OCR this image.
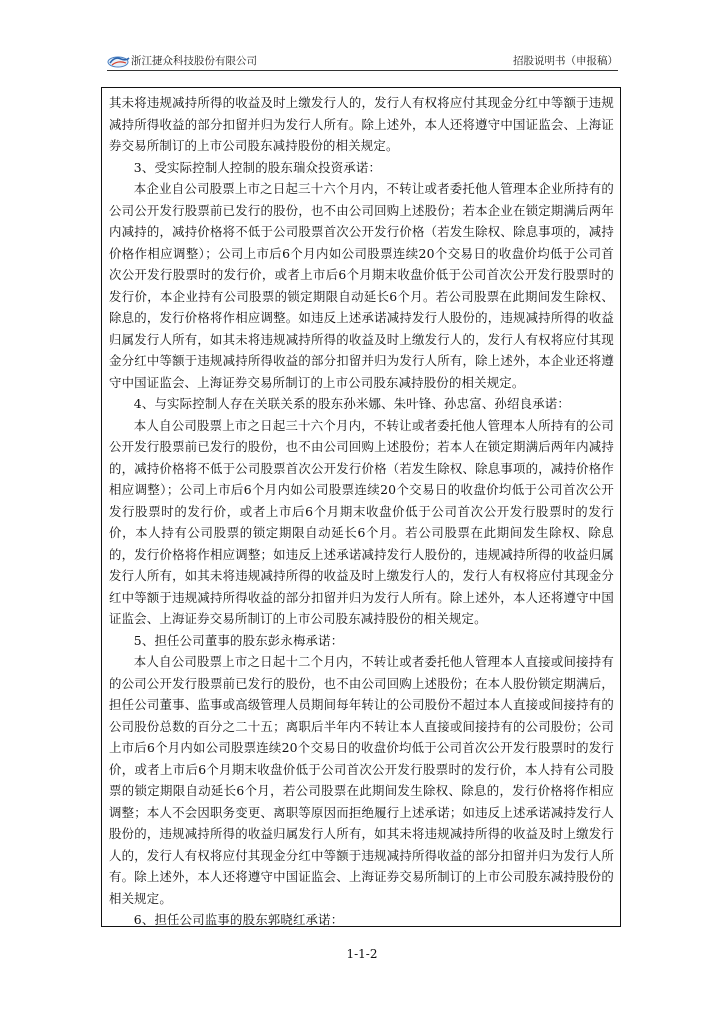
浙江捷众科技股份有限公司	招股说明书（申报稿）

其未将违规减持所得的收益及时上缴发行人的，发行人有权将应付其现金分红中等额于违规减持所得收益的部分扣留并归为发行人所有。除上述外，本人还将遵守中国证监会、上海证券交易所制订的上市公司股东减持股份的相关规定。

3、受实际控制人控制的股东瑞众投资承诺：

本企业自公司股票上市之日起三十六个月内，不转让或者委托他人管理本企业所持有的公司公开发行股票前已发行的股份，也不由公司回购上述股份；若本企业在锁定期满后两年内减持的，减持价格将不低于公司股票首次公开发行价格（若发生除权、除息事项的，减持价格作相应调整）；公司上市后6个月内如公司股票连续20个交易日的收盘价均低于公司首次公开发行股票时的发行价，或者上市后6个月期末收盘价低于公司首次公开发行股票时的发行价，本企业持有公司股票的锁定期限自动延长6个月。若公司股票在此期间发生除权、除息的，发行价格将作相应调整。如违反上述承诺减持发行人股份的，违规减持所得的收益归属发行人所有，如其未将违规减持所得的收益及时上缴发行人的，发行人有权将应付其现金分红中等额于违规减持所得收益的部分扣留并归为发行人所有，除上述外，本企业还将遵守中国证监会、上海证券交易所制订的上市公司股东减持股份的相关规定。

4、与实际控制人存在关联关系的股东孙米娜、朱叶锋、孙忠富、孙绍良承诺：

本人自公司股票上市之日起三十六个月内，不转让或者委托他人管理本人所持有的公司公开发行股票前已发行的股份，也不由公司回购上述股份；若本人在锁定期满后两年内减持的，减持价格将不低于公司股票首次公开发行价格（若发生除权、除息事项的，减持价格作相应调整）；公司上市后6个月内如公司股票连续20个交易日的收盘价均低于公司首次公开发行股票时的发行价，或者上市后6个月期末收盘价低于公司首次公开发行股票时的发行价，本人持有公司股票的锁定期限自动延长6个月。若公司股票在此期间发生除权、除息的，发行价格将作相应调整；如违反上述承诺减持发行人股份的，违规减持所得的收益归属发行人所有，如其未将违规减持所得的收益及时上缴发行人的，发行人有权将应付其现金分红中等额于违规减持所得收益的部分扣留并归为发行人所有。除上述外，本人还将遵守中国证监会、上海证券交易所制订的上市公司股东减持股份的相关规定。

5、担任公司董事的股东彭永梅承诺：

本人自公司股票上市之日起十二个月内，不转让或者委托他人管理本人直接或间接持有的公司公开发行股票前已发行的股份，也不由公司回购上述股份；在本人股份锁定期满后，担任公司董事、监事或高级管理人员期间每年转让的公司股份不超过本人直接或间接持有的公司股份总数的百分之二十五；离职后半年内不转让本人直接或间接持有的公司股份；公司上市后6个月内如公司股票连续20个交易日的收盘价均低于公司首次公开发行股票时的发行价，或者上市后6个月期末收盘价低于公司首次公开发行股票时的发行价，本人持有公司股票的锁定期限自动延长6个月，若公司股票在此期间发生除权、除息的，发行价格将作相应调整；本人不会因职务变更、离职等原因而拒绝履行上述承诺；如违反上述承诺减持发行人股份的，违规减持所得的收益归属发行人所有，如其未将违规减持所得的收益及时上缴发行人的，发行人有权将应付其现金分红中等额于违规减持所得收益的部分扣留并归为发行人所有。除上述外，本人还将遵守中国证监会、上海证券交易所制订的上市公司股东减持股份的相关规定。

6、担任公司监事的股东郭晓红承诺：

1-1-2
